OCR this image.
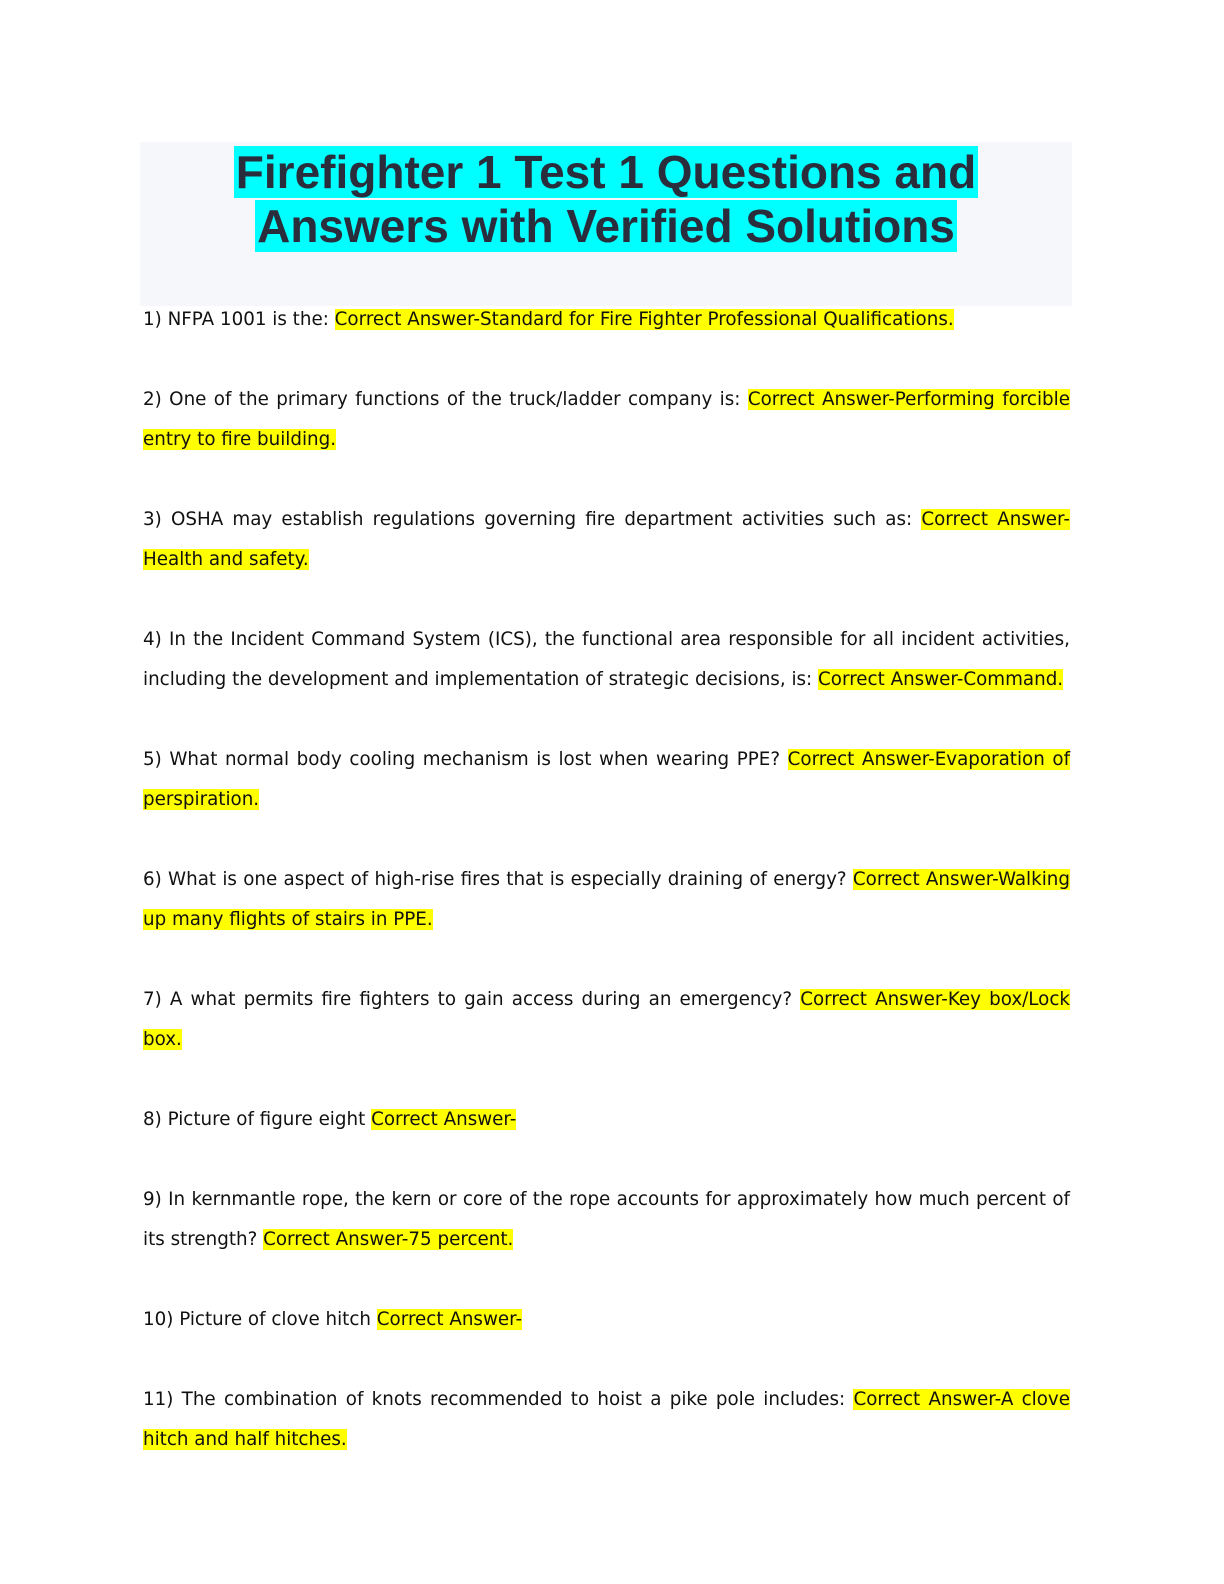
Firefighter 1 Test 1 Questions and
Answers with Verified Solutions
1) NFPA 1001 is the: Correct Answer-Standard for Fire Fighter Professional Qualifications.
2) One of the primary functions of the truck/ladder company is: Correct Answer-Performing forcible entry to fire building.
3) OSHA may establish regulations governing fire department activities such as: Correct Answer-Health and safety.
4) In the Incident Command System (ICS), the functional area responsible for all incident activities, including the development and implementation of strategic decisions, is: Correct Answer-Command.
5) What normal body cooling mechanism is lost when wearing PPE? Correct Answer-Evaporation of perspiration.
6) What is one aspect of high-rise fires that is especially draining of energy? Correct Answer-Walking up many flights of stairs in PPE.
7) A what permits fire fighters to gain access during an emergency? Correct Answer-Key box/Lock box.
8) Picture of figure eight Correct Answer-
9) In kernmantle rope, the kern or core of the rope accounts for approximately how much percent of its strength? Correct Answer-75 percent.
10) Picture of clove hitch Correct Answer-
11) The combination of knots recommended to hoist a pike pole includes: Correct Answer-A clove hitch and half hitches.
